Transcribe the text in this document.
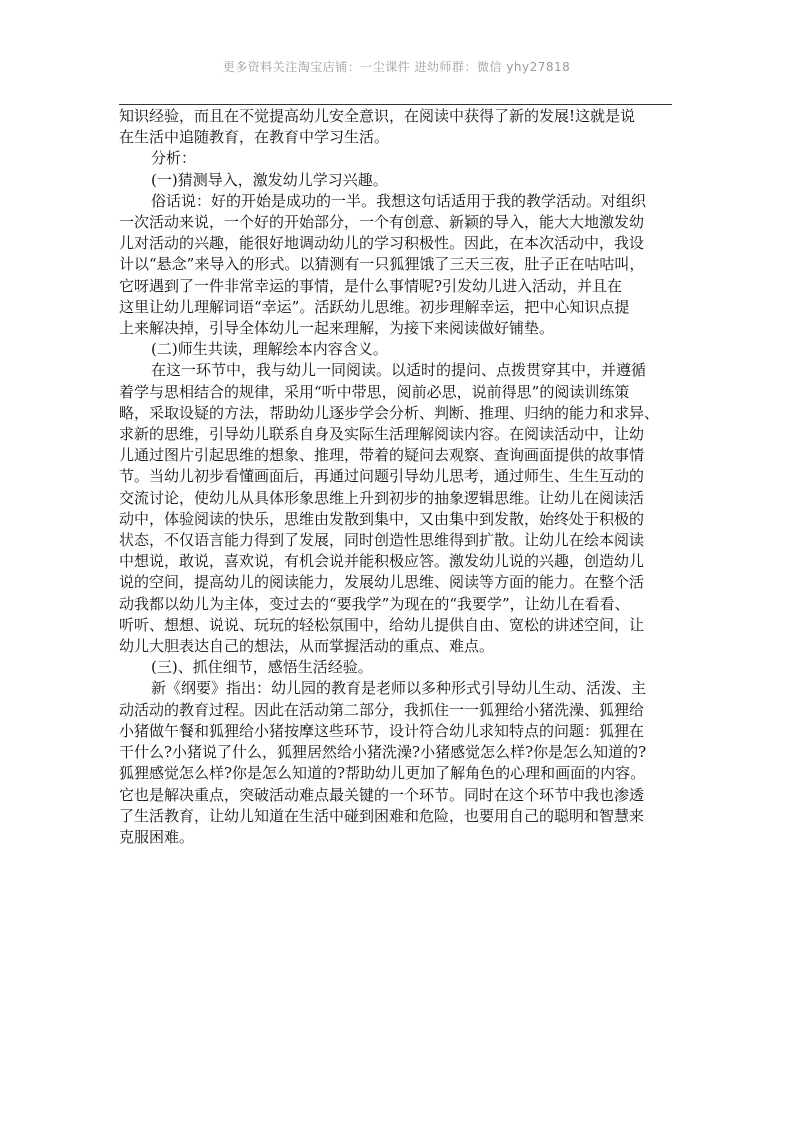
更多资料关注淘宝店铺：一尘课件 进幼师群：微信 yhy27818
知识经验，而且在不觉提高幼儿安全意识，在阅读中获得了新的发展!这就是说
在生活中追随教育，在教育中学习生活。
分析：
(一)猜测导入，激发幼儿学习兴趣。
俗话说：好的开始是成功的一半。我想这句话适用于我的教学活动。对组织
一次活动来说，一个好的开始部分，一个有创意、新颖的导入，能大大地激发幼
儿对活动的兴趣，能很好地调动幼儿的学习积极性。因此，在本次活动中，我设
计以“悬念”来导入的形式。以猜测有一只狐狸饿了三天三夜，肚子正在咕咕叫，
它呀遇到了一件非常幸运的事情，是什么事情呢?引发幼儿进入活动，并且在
这里让幼儿理解词语“幸运”。活跃幼儿思维。初步理解幸运，把中心知识点提
上来解决掉，引导全体幼儿一起来理解，为接下来阅读做好铺垫。
(二)师生共读，理解绘本内容含义。
在这一环节中，我与幼儿一同阅读。以适时的提问、点拨贯穿其中，并遵循
着学与思相结合的规律，采用“听中带思，阅前必思，说前得思”的阅读训练策
略，采取设疑的方法，帮助幼儿逐步学会分析、判断、推理、归纳的能力和求异、
求新的思维，引导幼儿联系自身及实际生活理解阅读内容。在阅读活动中，让幼
儿通过图片引起思维的想象、推理，带着的疑问去观察、查询画面提供的故事情
节。当幼儿初步看懂画面后，再通过问题引导幼儿思考，通过师生、生生互动的
交流讨论，使幼儿从具体形象思维上升到初步的抽象逻辑思维。让幼儿在阅读活
动中，体验阅读的快乐，思维由发散到集中，又由集中到发散，始终处于积极的
状态，不仅语言能力得到了发展，同时创造性思维得到扩散。让幼儿在绘本阅读
中想说，敢说，喜欢说，有机会说并能积极应答。激发幼儿说的兴趣，创造幼儿
说的空间，提高幼儿的阅读能力，发展幼儿思维、阅读等方面的能力。在整个活
动我都以幼儿为主体，变过去的“要我学”为现在的“我要学”，让幼儿在看看、
听听、想想、说说、玩玩的轻松氛围中，给幼儿提供自由、宽松的讲述空间，让
幼儿大胆表达自己的想法，从而掌握活动的重点、难点。
(三)、抓住细节，感悟生活经验。
新《纲要》指出：幼儿园的教育是老师以多种形式引导幼儿生动、活泼、主
动活动的教育过程。因此在活动第二部分，我抓住一一狐狸给小猪洗澡、狐狸给
小猪做午餐和狐狸给小猪按摩这些环节，设计符合幼儿求知特点的问题：狐狸在
干什么?小猪说了什么，狐狸居然给小猪洗澡?小猪感觉怎么样?你是怎么知道的?
狐狸感觉怎么样?你是怎么知道的?帮助幼儿更加了解角色的心理和画面的内容。
它也是解决重点，突破活动难点最关键的一个环节。同时在这个环节中我也渗透
了生活教育，让幼儿知道在生活中碰到困难和危险，也要用自己的聪明和智慧来
克服困难。
